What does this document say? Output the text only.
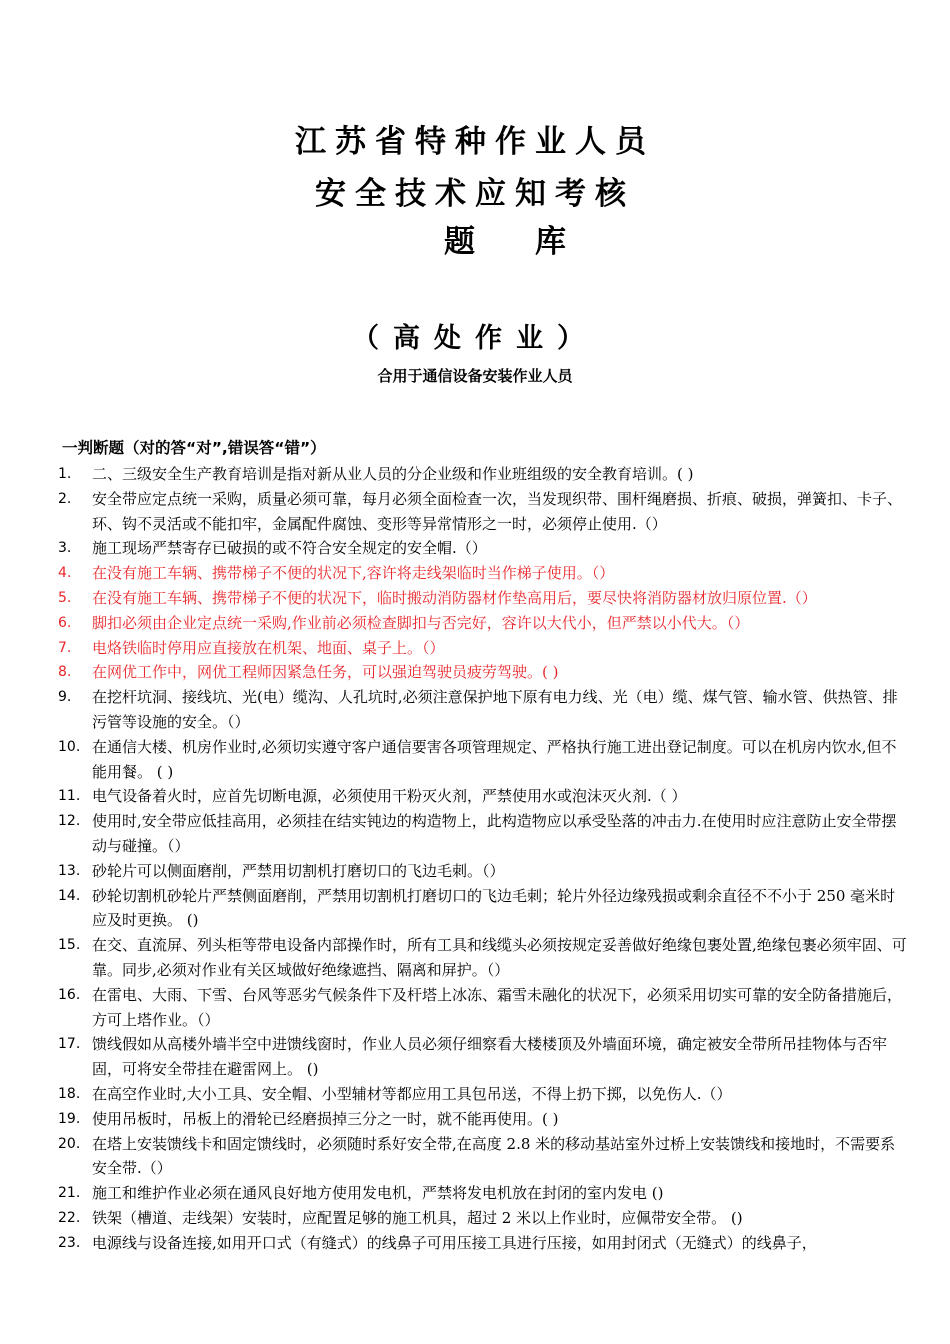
江苏省特种作业人员
安全技术应知考核
题库
（高处作业）
合用于通信设备安装作业人员
一判断题（对的答“对”,错误答“错”）
1. 二、三级安全生产教育培训是指对新从业人员的分企业级和作业班组级的安全教育培训。( )
2. 安全带应定点统一采购，质量必须可靠，每月必须全面检查一次，当发现织带、围杆绳磨损、折痕、破损，弹簧扣、卡子、环、钩不灵活或不能扣牢，金属配件腐蚀、变形等异常情形之一时，必须停止使用.（）
3. 施工现场严禁寄存已破损的或不符合安全规定的安全帽.（）
4. 在没有施工车辆、携带梯子不便的状况下,容许将走线架临时当作梯子使用。（）
5. 在没有施工车辆、携带梯子不便的状况下，临时搬动消防器材作垫高用后，要尽快将消防器材放归原位置.（）
6. 脚扣必须由企业定点统一采购,作业前必须检查脚扣与否完好，容许以大代小，但严禁以小代大。（）
7. 电烙铁临时停用应直接放在机架、地面、桌子上。（）
8. 在网优工作中，网优工程师因紧急任务，可以强迫驾驶员疲劳驾驶。( )
9. 在挖杆坑洞、接线坑、光(电）缆沟、人孔坑时,必须注意保护地下原有电力线、光（电）缆、煤气管、输水管、供热管、排污管等设施的安全。（）
10. 在通信大楼、机房作业时,必须切实遵守客户通信要害各项管理规定、严格执行施工进出登记制度。可以在机房内饮水,但不能用餐。 ( )
11. 电气设备着火时，应首先切断电源，必须使用干粉灭火剂，严禁使用水或泡沫灭火剂.（ ）
12. 使用时,安全带应低挂高用，必须挂在结实钝边的构造物上，此构造物应以承受坠落的冲击力.在使用时应注意防止安全带摆动与碰撞。（）
13. 砂轮片可以侧面磨削，严禁用切割机打磨切口的飞边毛刺。（）
14. 砂轮切割机砂轮片严禁侧面磨削，严禁用切割机打磨切口的飞边毛刺；轮片外径边缘残损或剩余直径不不小于 250 毫米时应及时更换。 ()
15. 在交、直流屏、列头柜等带电设备内部操作时，所有工具和线缆头必须按规定妥善做好绝缘包裹处置,绝缘包裹必须牢固、可靠。同步,必须对作业有关区域做好绝缘遮挡、隔离和屏护。（）
16. 在雷电、大雨、下雪、台风等恶劣气候条件下及杆塔上冰冻、霜雪未融化的状况下，必须采用切实可靠的安全防备措施后，方可上塔作业。（）
17. 馈线假如从高楼外墙半空中进馈线窗时，作业人员必须仔细察看大楼楼顶及外墙面环境，确定被安全带所吊挂物体与否牢固，可将安全带挂在避雷网上。 ()
18. 在高空作业时,大小工具、安全帽、小型辅材等都应用工具包吊送，不得上扔下掷，以免伤人.（）
19. 使用吊板时，吊板上的滑轮已经磨损掉三分之一时，就不能再使用。( )
20. 在塔上安装馈线卡和固定馈线时，必须随时系好安全带,在高度 2.8 米的移动基站室外过桥上安装馈线和接地时，不需要系安全带.（）
21. 施工和维护作业必须在通风良好地方使用发电机，严禁将发电机放在封闭的室内发电 ()
22. 铁架（槽道、走线架）安装时，应配置足够的施工机具，超过 2 米以上作业时，应佩带安全带。 ()
23. 电源线与设备连接,如用开口式（有缝式）的线鼻子可用压接工具进行压接，如用封闭式（无缝式）的线鼻子，
